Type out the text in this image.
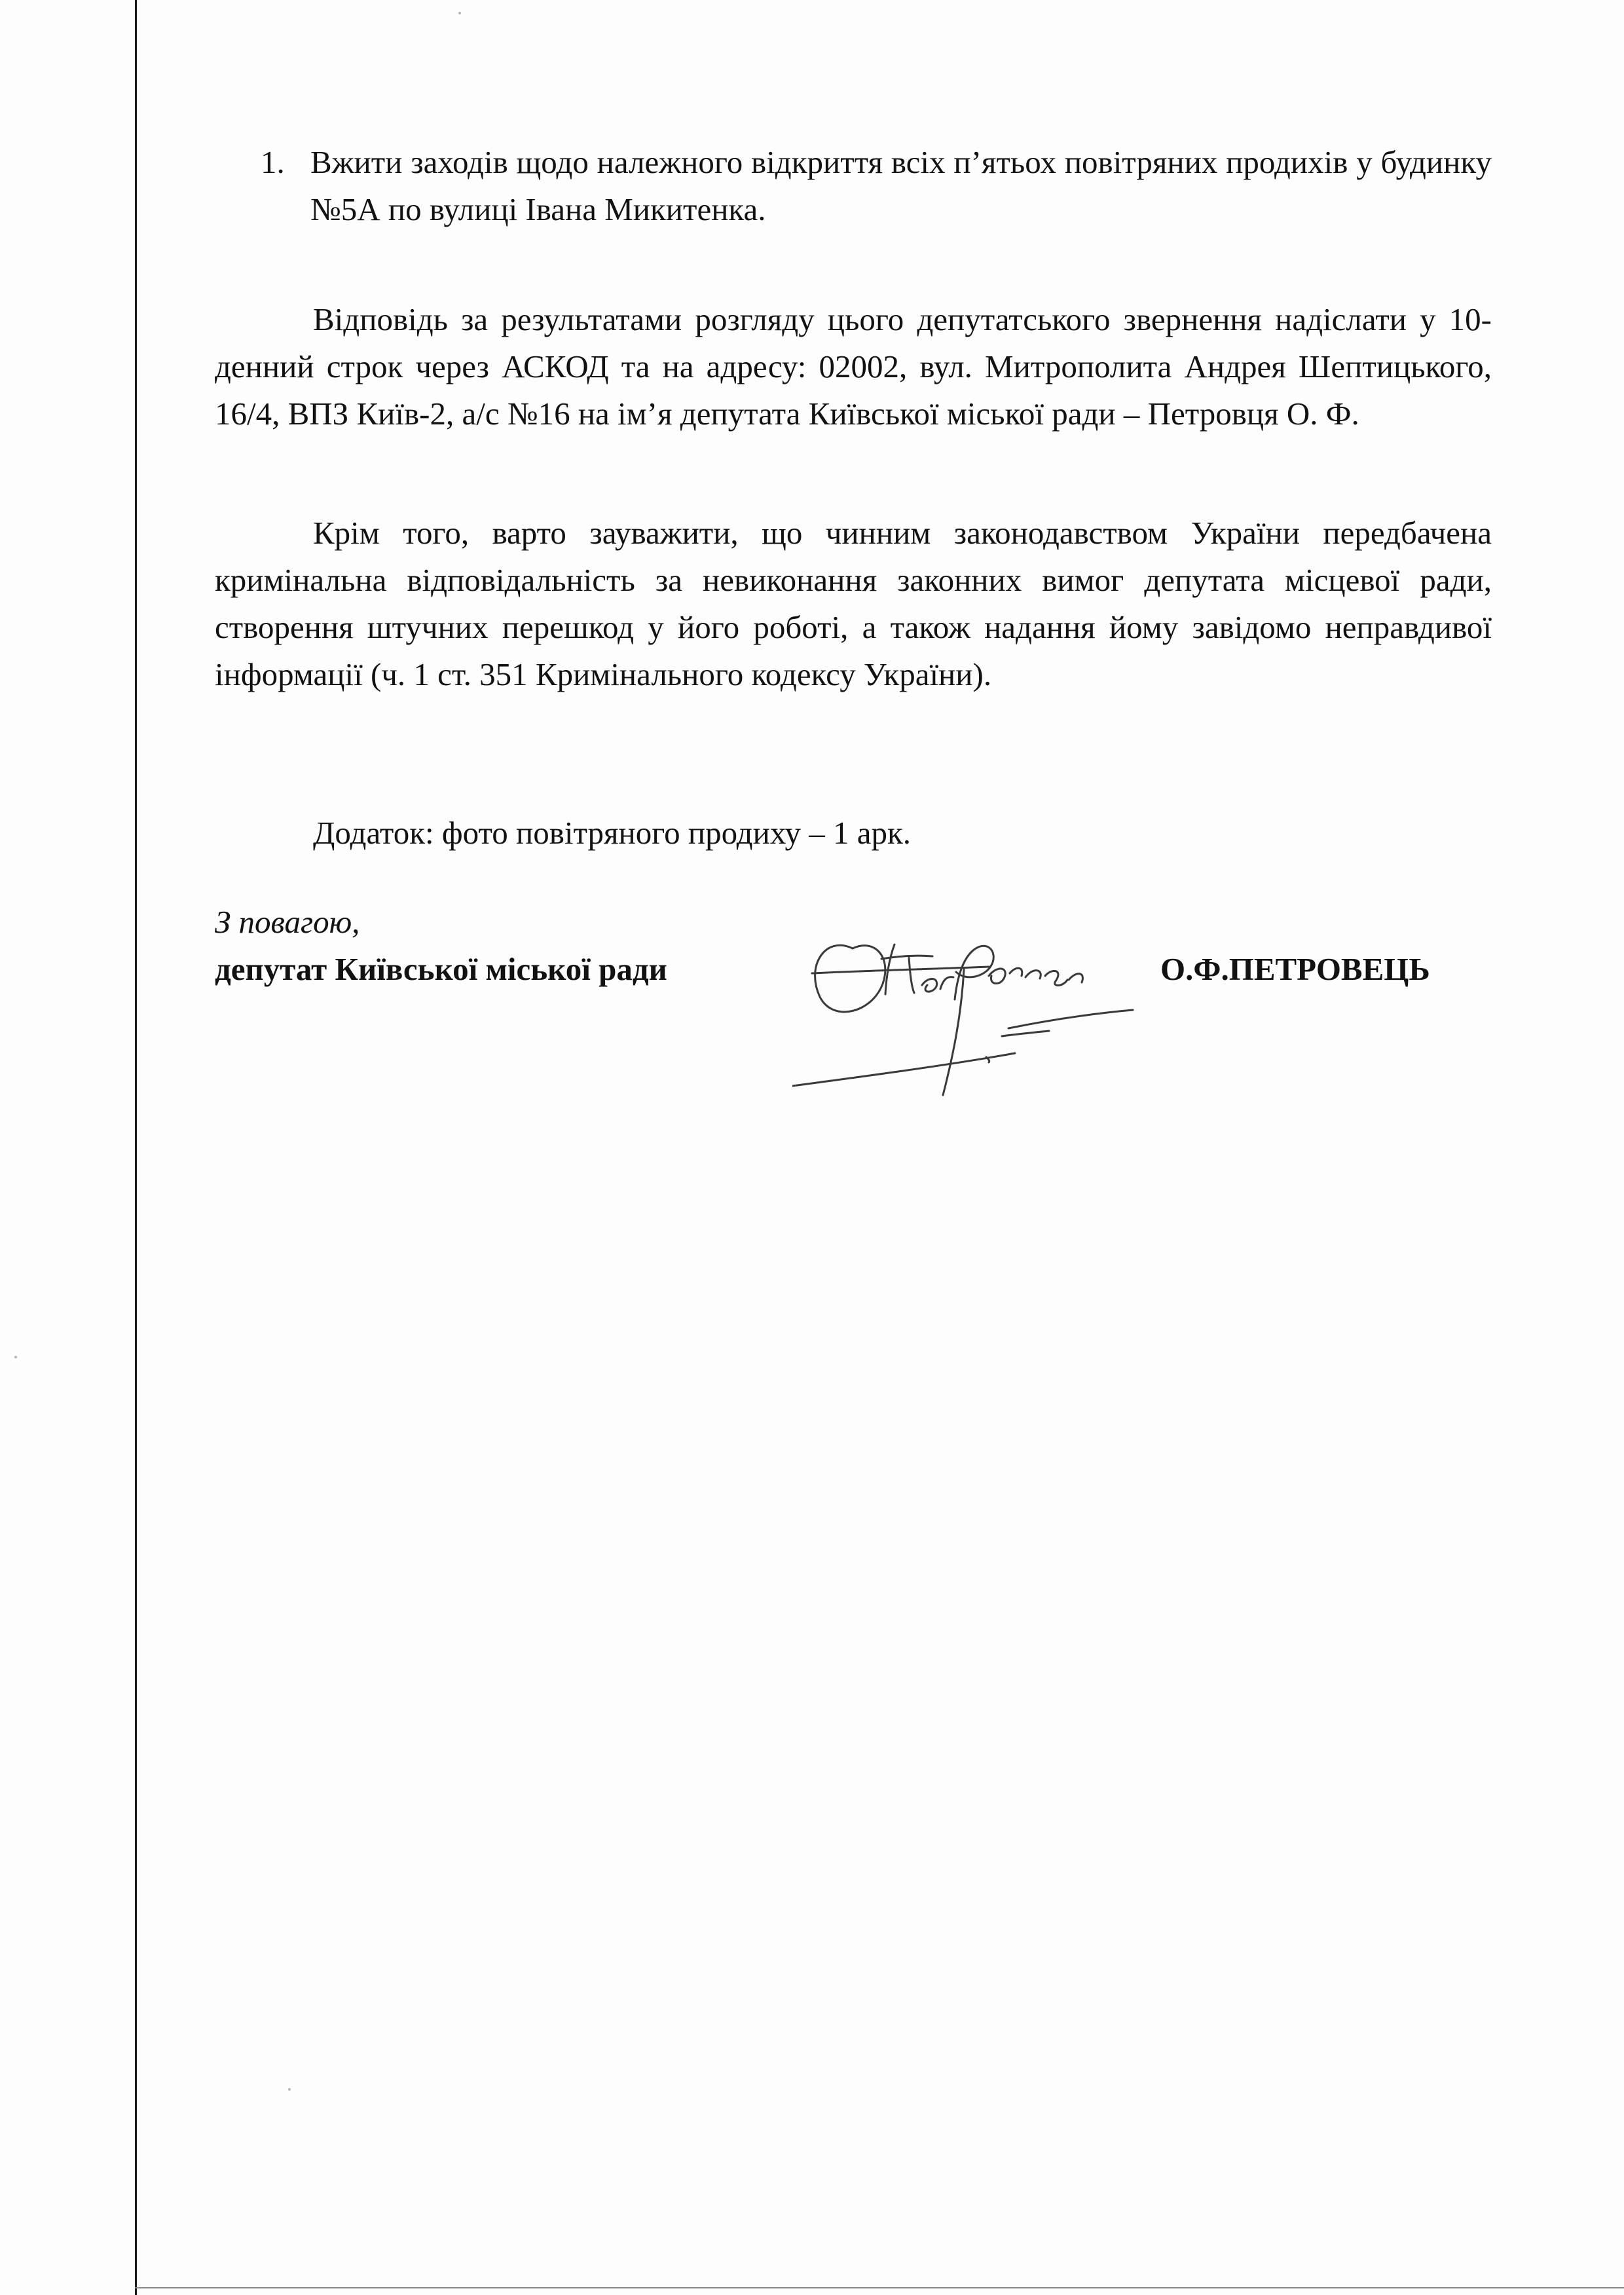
1. Вжити заходів щодо належного відкриття всіх п’ятьох повітряних продихів у будинку №5А по вулиці Івана Микитенка.
Відповідь за результатами розгляду цього депутатського звернення надіслати у 10-денний строк через АСКОД та на адресу: 02002, вул. Митрополита Андрея Шептицького, 16/4, ВПЗ Київ-2, а/с №16 на ім’я депутата Київської міської ради – Петровця О. Ф.
Крім того, варто зауважити, що чинним законодавством України передбачена кримінальна відповідальність за невиконання законних вимог депутата місцевої ради, створення штучних перешкод у його роботі, а також надання йому завідомо неправдивої інформації (ч. 1 ст. 351 Кримінального кодексу України).
Додаток: фото повітряного продиху – 1 арк.
З повагою,
депутат Київської міської ради	О.Ф.ПЕТРОВЕЦЬ
